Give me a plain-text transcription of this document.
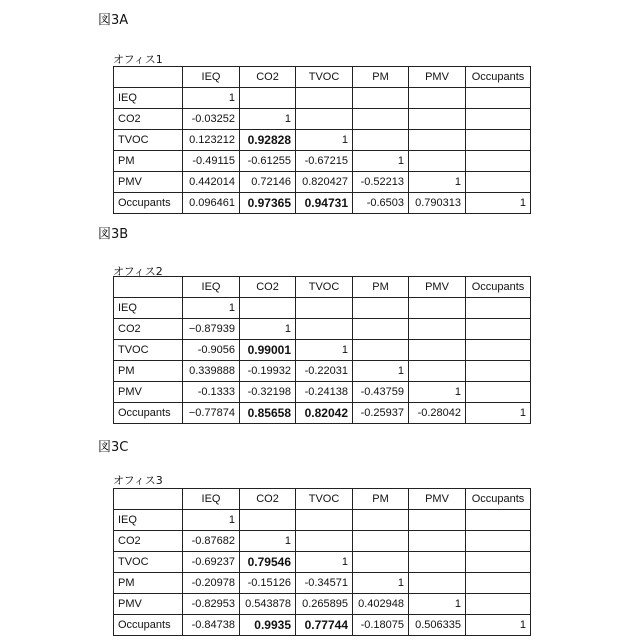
図3A
オフィス1
	IEQ	CO2	TVOC	PM	PMV	Occupants
IEQ	1					
CO2	-0.03252	1				
TVOC	0.123212	0.92828	1			
PM	-0.49115	-0.61255	-0.67215	1		
PMV	0.442014	0.72146	0.820427	-0.52213	1	
Occupants	0.096461	0.97365	0.94731	-0.6503	0.790313	1
図3B
オフィス2
	IEQ	CO2	TVOC	PM	PMV	Occupants
IEQ	1					
CO2	−0.87939	1				
TVOC	-0.9056	0.99001	1			
PM	0.339888	-0.19932	-0.22031	1		
PMV	-0.1333	-0.32198	-0.24138	-0.43759	1	
Occupants	−0.77874	0.85658	0.82042	-0.25937	-0.28042	1
図3C
オフィス3
	IEQ	CO2	TVOC	PM	PMV	Occupants
IEQ	1					
CO2	-0.87682	1				
TVOC	-0.69237	0.79546	1			
PM	-0.20978	-0.15126	-0.34571	1		
PMV	-0.82953	0.543878	0.265895	0.402948	1	
Occupants	-0.84738	0.9935	0.77744	-0.18075	0.506335	1
